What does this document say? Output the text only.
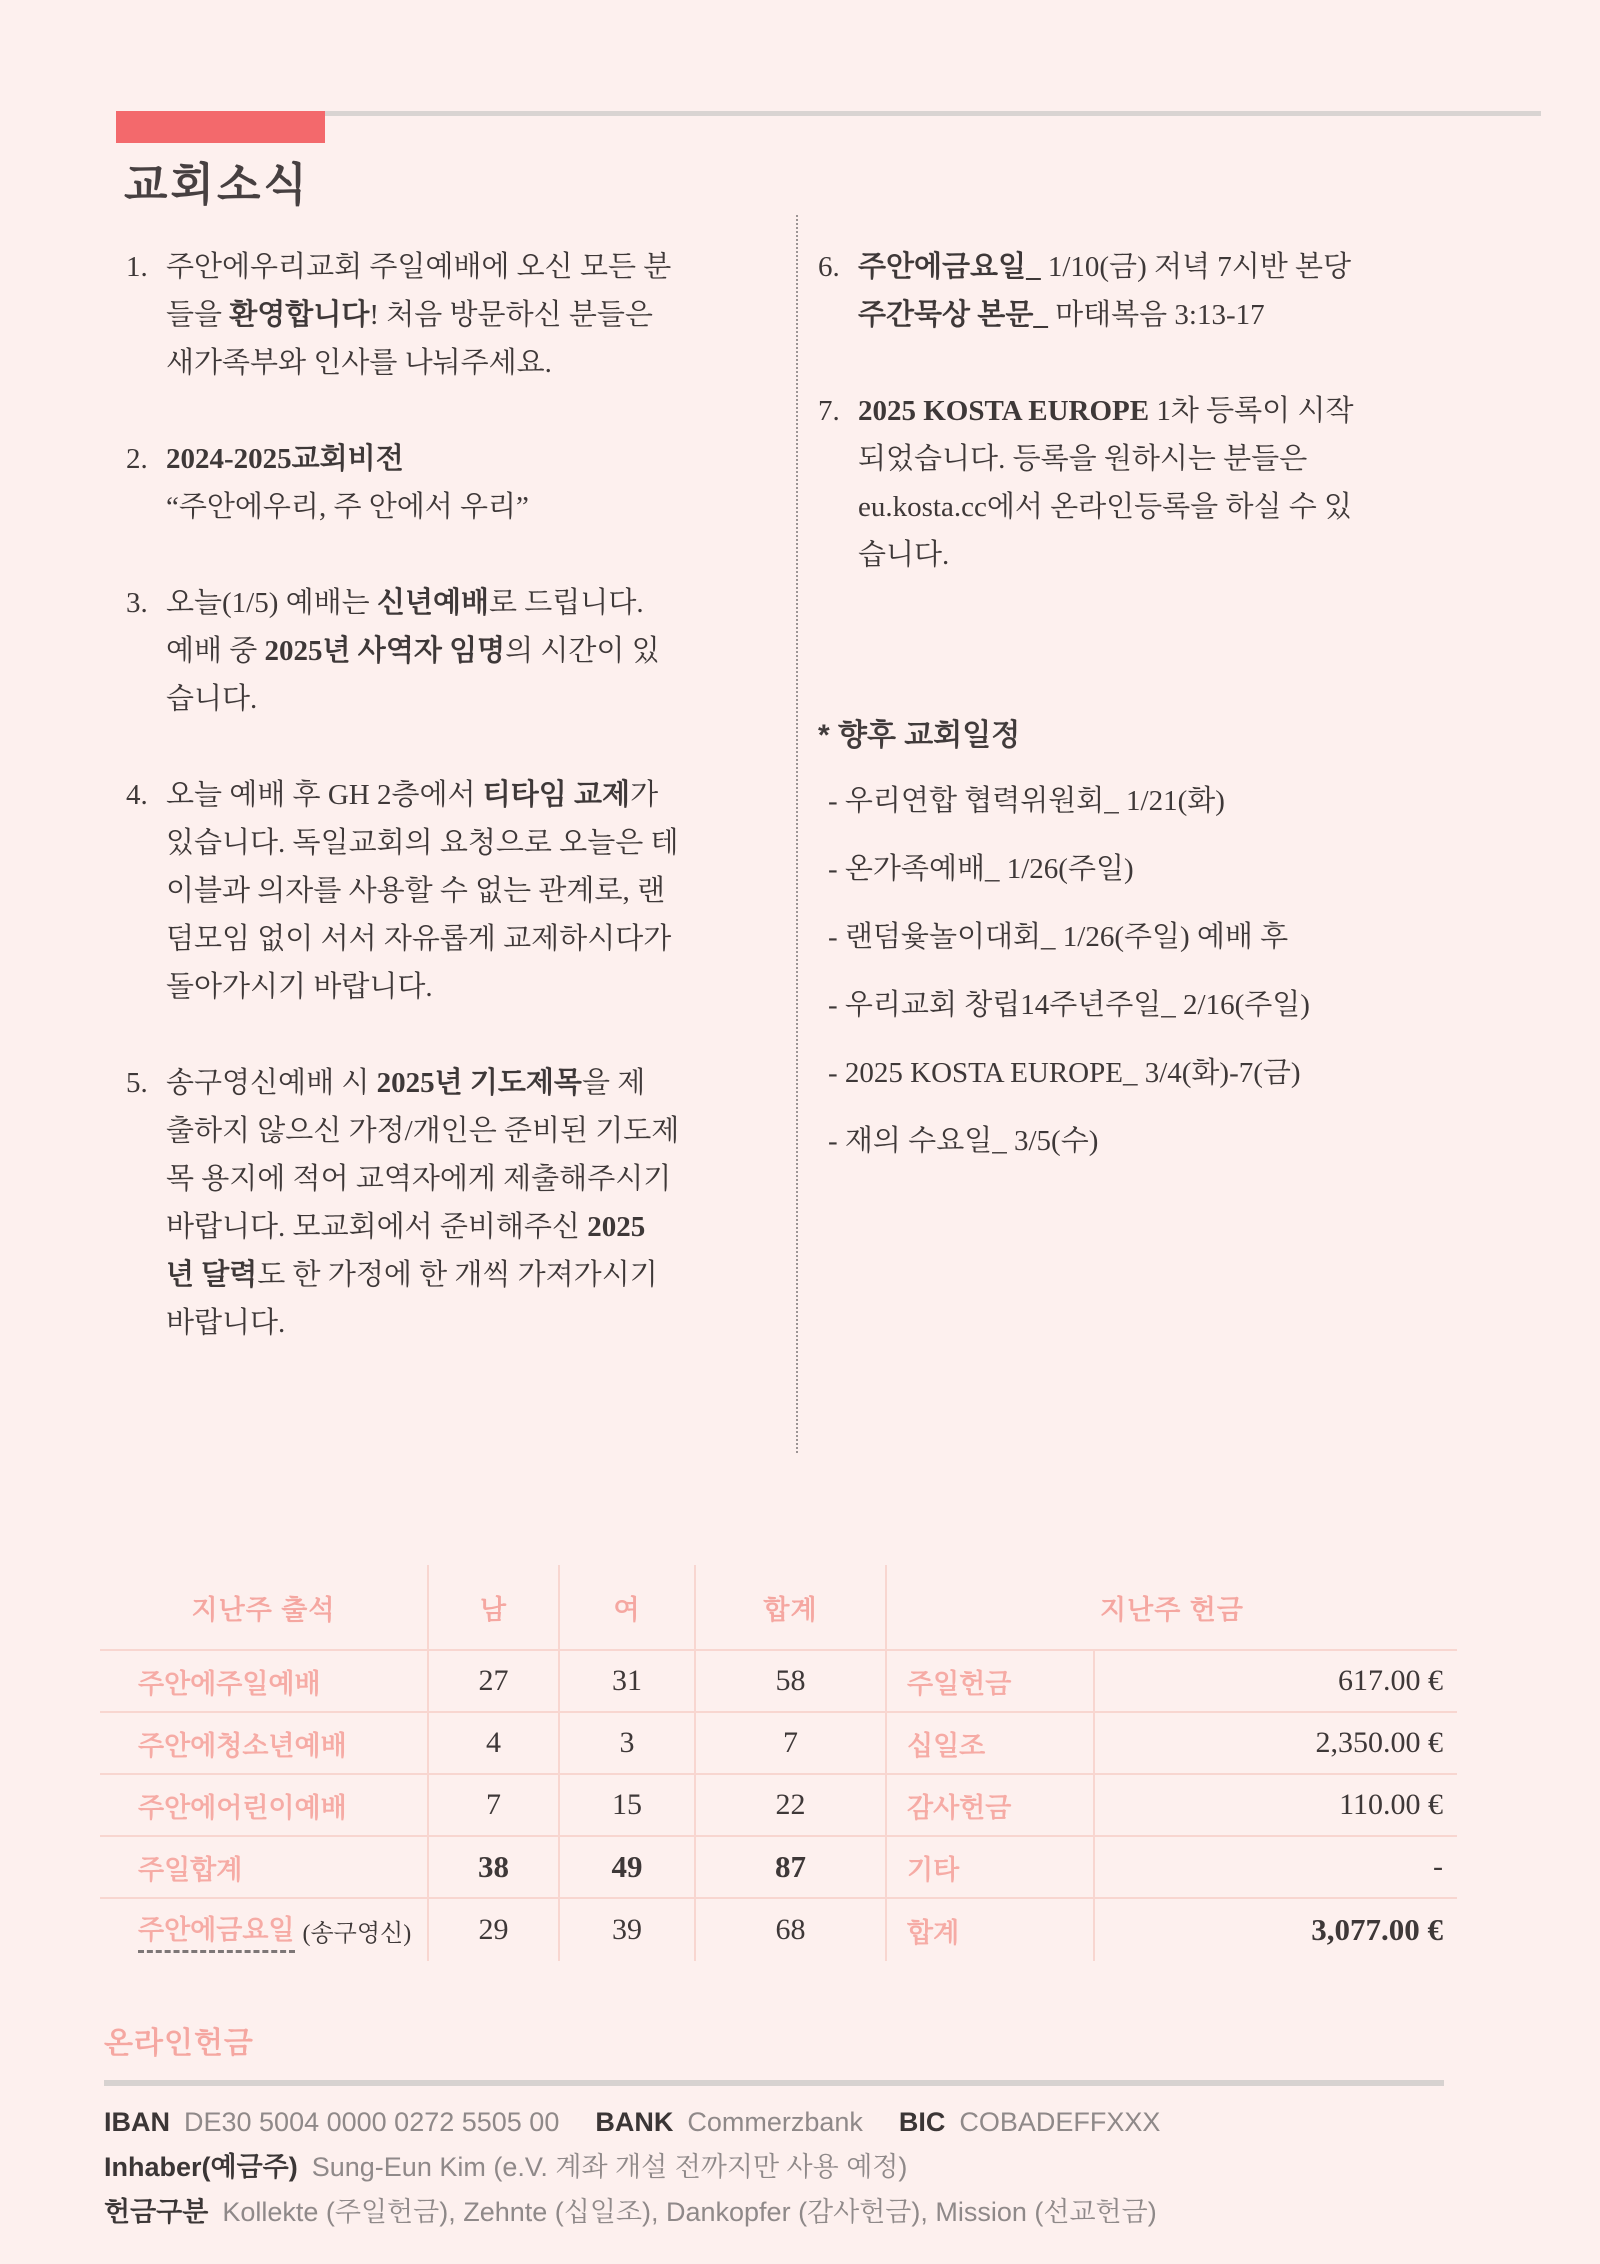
교회소식
1. 주안에우리교회 주일예배에 오신 모든 분
들을 환영합니다! 처음 방문하신 분들은
새가족부와 인사를 나눠주세요.
2. 2024-2025교회비전
“주안에우리, 주 안에서 우리”
3. 오늘(1/5) 예배는 신년예배로 드립니다.
예배 중 2025년 사역자 임명의 시간이 있
습니다.
4. 오늘 예배 후 GH 2층에서 티타임 교제가
있습니다. 독일교회의 요청으로 오늘은 테
이블과 의자를 사용할 수 없는 관계로, 랜
덤모임 없이 서서 자유롭게 교제하시다가
돌아가시기 바랍니다.
5. 송구영신예배 시 2025년 기도제목을 제
출하지 않으신 가정/개인은 준비된 기도제
목 용지에 적어 교역자에게 제출해주시기
바랍니다. 모교회에서 준비해주신 2025
년 달력도 한 가정에 한 개씩 가져가시기
바랍니다.
6. 주안에금요일_ 1/10(금) 저녁 7시반 본당
주간묵상 본문_ 마태복음 3:13-17
7. 2025 KOSTA EUROPE 1차 등록이 시작
되었습니다. 등록을 원하시는 분들은
eu.kosta.cc에서 온라인등록을 하실 수 있
습니다.
* 향후 교회일정
- 우리연합 협력위원회_ 1/21(화)
- 온가족예배_ 1/26(주일)
- 랜덤윷놀이대회_ 1/26(주일) 예배 후
- 우리교회 창립14주년주일_ 2/16(주일)
- 2025 KOSTA EUROPE_ 3/4(화)-7(금)
- 재의 수요일_ 3/5(수)
지난주 출석	남	여	합계	지난주 헌금
주안에주일예배	27	31	58	주일헌금	617.00 €
주안에청소년예배	4	3	7	십일조	2,350.00 €
주안에어린이예배	7	15	22	감사헌금	110.00 €
주일합계	38	49	87	기타	-
주안에금요일 (송구영신)	29	39	68	합계	3,077.00 €
온라인헌금
IBAN DE30 5004 0000 0272 5505 00 BANK Commerzbank BIC COBADEFFXXX
Inhaber(예금주) Sung-Eun Kim (e.V. 계좌 개설 전까지만 사용 예정)
헌금구분 Kollekte (주일헌금), Zehnte (십일조), Dankopfer (감사헌금), Mission (선교헌금)
